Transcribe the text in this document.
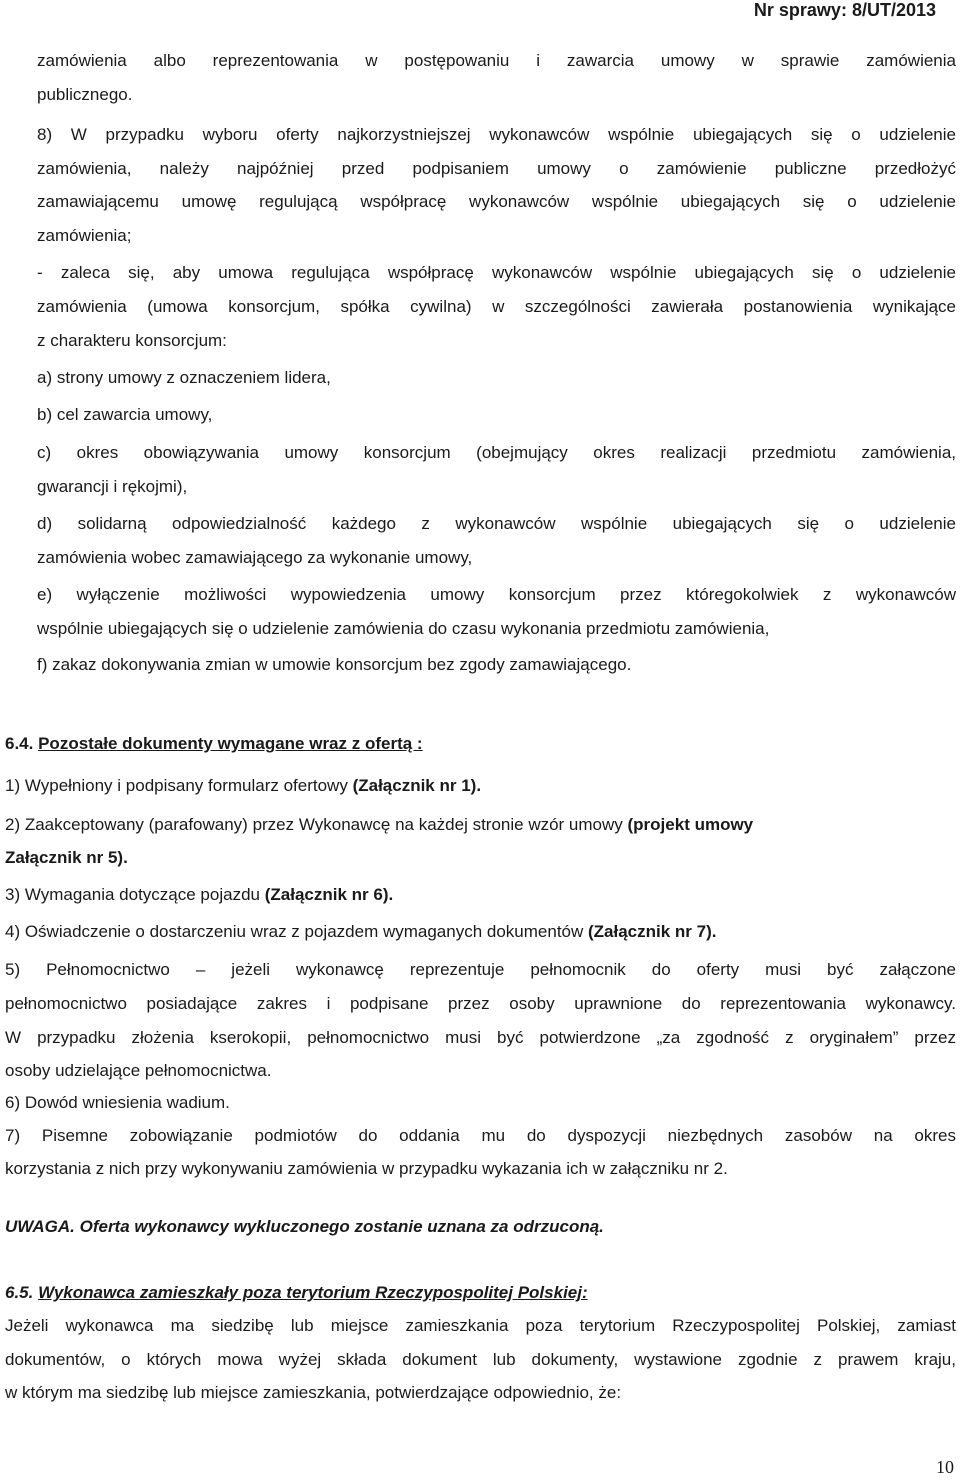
Nr sprawy: 8/UT/2013
zamówienia albo reprezentowania w postępowaniu i zawarcia umowy w sprawie zamówienia
publicznego.
8) W przypadku wyboru oferty najkorzystniejszej wykonawców wspólnie ubiegających się o udzielenie
zamówienia, należy najpóźniej przed podpisaniem umowy o zamówienie publiczne przedłożyć
zamawiającemu umowę regulującą współpracę wykonawców wspólnie ubiegających się o udzielenie
zamówienia;
- zaleca się, aby umowa regulująca współpracę wykonawców wspólnie ubiegających się o udzielenie
zamówienia (umowa konsorcjum, spółka cywilna) w szczególności zawierała postanowienia wynikające
z charakteru konsorcjum:
a) strony umowy z oznaczeniem lidera,
b) cel zawarcia umowy,
c) okres obowiązywania umowy konsorcjum (obejmujący okres realizacji przedmiotu zamówienia,
gwarancji i rękojmi),
d) solidarną odpowiedzialność każdego z wykonawców wspólnie ubiegających się o udzielenie
zamówienia wobec zamawiającego za wykonanie umowy,
e) wyłączenie możliwości wypowiedzenia umowy konsorcjum przez któregokolwiek z wykonawców
wspólnie ubiegających się o udzielenie zamówienia do czasu wykonania przedmiotu zamówienia,
f) zakaz dokonywania zmian w umowie konsorcjum bez zgody zamawiającego.
6.4. Pozostałe dokumenty wymagane wraz z ofertą :
1) Wypełniony i podpisany formularz ofertowy (Załącznik nr 1).
2) Zaakceptowany (parafowany) przez Wykonawcę na każdej stronie wzór umowy (projekt umowy
Załącznik nr 5).
3) Wymagania dotyczące pojazdu (Załącznik nr 6).
4) Oświadczenie o dostarczeniu wraz z pojazdem wymaganych dokumentów (Załącznik nr 7).
5) Pełnomocnictwo – jeżeli wykonawcę reprezentuje pełnomocnik do oferty musi być załączone
pełnomocnictwo posiadające zakres i podpisane przez osoby uprawnione do reprezentowania wykonawcy.
W przypadku złożenia kserokopii, pełnomocnictwo musi być potwierdzone „za zgodność z oryginałem” przez
osoby udzielające pełnomocnictwa.
6) Dowód wniesienia wadium.
7) Pisemne zobowiązanie podmiotów do oddania mu do dyspozycji niezbędnych zasobów na okres
korzystania z nich przy wykonywaniu zamówienia w przypadku wykazania ich w załączniku nr 2.
UWAGA. Oferta wykonawcy wykluczonego zostanie uznana za odrzuconą.
6.5. Wykonawca zamieszkały poza terytorium Rzeczypospolitej Polskiej:
Jeżeli wykonawca ma siedzibę lub miejsce zamieszkania poza terytorium Rzeczypospolitej Polskiej, zamiast
dokumentów, o których mowa wyżej składa dokument lub dokumenty, wystawione zgodnie z prawem kraju,
w którym ma siedzibę lub miejsce zamieszkania, potwierdzające odpowiednio, że:
10
